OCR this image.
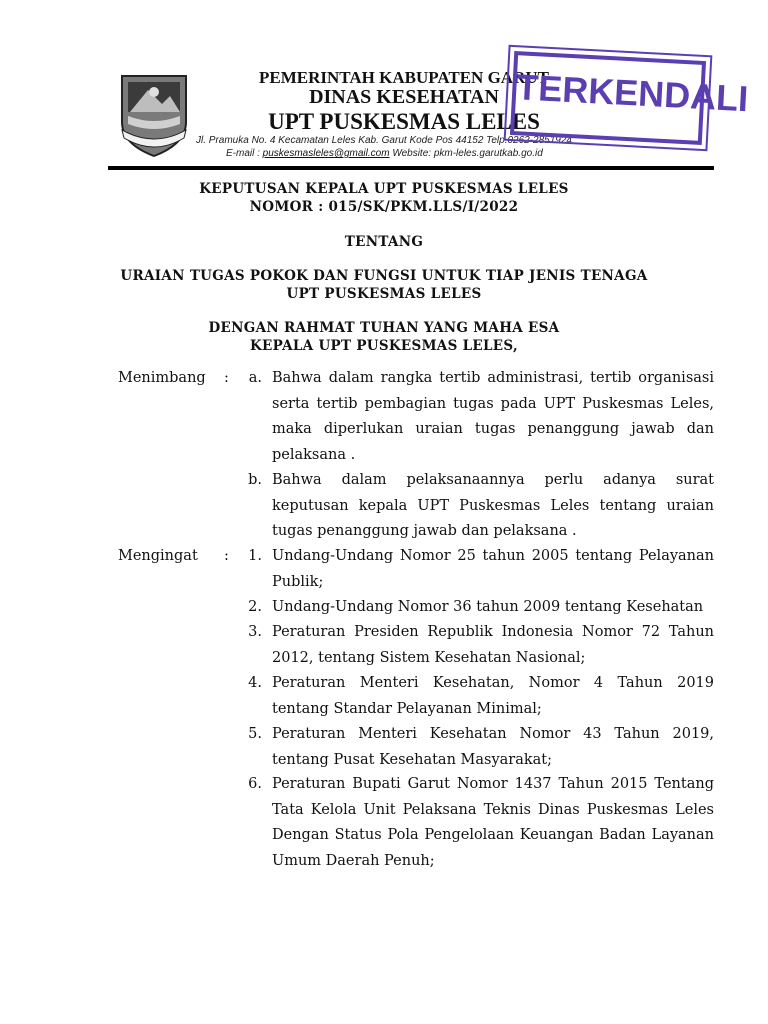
PEMERINTAH KABUPATEN GARUT
DINAS KESEHATAN
UPT PUSKESMAS LELES
Jl. Pramuka No. 4 Kecamatan Leles Kab. Garut Kode Pos 44152 Telp.0262-2851924
E-mail : puskesmasleles@gmail.com Website: pkm-leles.garutkab.go.id
TERKENDALI
KEPUTUSAN KEPALA UPT PUSKESMAS LELES
NOMOR : 015/SK/PKM.LLS/I/2022
TENTANG
URAIAN TUGAS POKOK DAN FUNGSI UNTUK TIAP JENIS TENAGA
UPT PUSKESMAS LELES
DENGAN RAHMAT TUHAN YANG MAHA ESA
KEPALA UPT PUSKESMAS LELES,
Menimbang :	a. Bahwa dalam rangka tertib administrasi, tertib organisasi serta tertib pembagian tugas pada UPT Puskesmas Leles, maka diperlukan uraian tugas penanggung jawab dan pelaksana .
b. Bahwa dalam pelaksanaannya perlu adanya surat keputusan kepala UPT Puskesmas Leles tentang uraian tugas penanggung jawab dan pelaksana .
Mengingat :	1. Undang-Undang Nomor 25 tahun 2005 tentang Pelayanan Publik;
2. Undang-Undang Nomor 36 tahun 2009 tentang Kesehatan
3. Peraturan Presiden Republik Indonesia Nomor 72 Tahun 2012, tentang Sistem Kesehatan Nasional;
4. Peraturan Menteri Kesehatan, Nomor 4 Tahun 2019 tentang Standar Pelayanan Minimal;
5. Peraturan Menteri Kesehatan Nomor 43 Tahun 2019, tentang Pusat Kesehatan Masyarakat;
6. Peraturan Bupati Garut Nomor 1437 Tahun 2015 Tentang Tata Kelola Unit Pelaksana Teknis Dinas Puskesmas Leles Dengan Status Pola Pengelolaan Keuangan Badan Layanan Umum Daerah Penuh;
